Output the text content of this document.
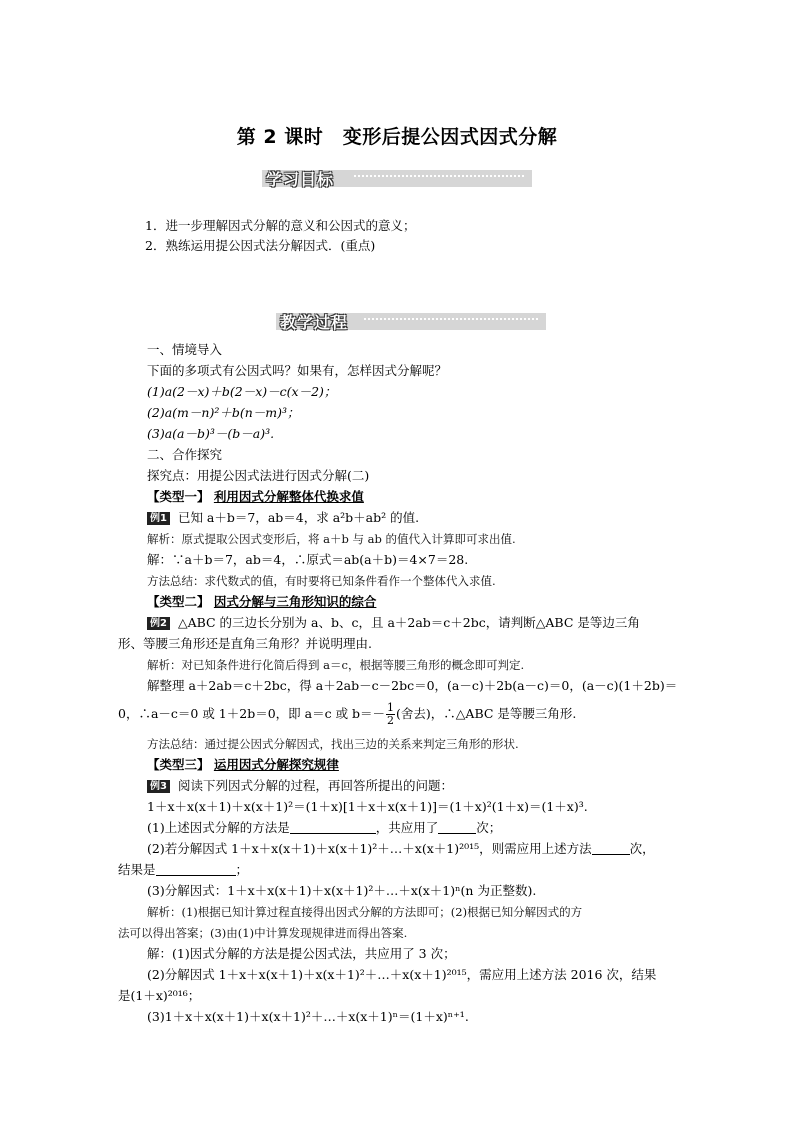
第 2 课时　变形后提公因式因式分解
学习目标
1．进一步理解因式分解的意义和公因式的意义；
2．熟练运用提公因式法分解因式．(重点)
教学过程
一、情境导入
下面的多项式有公因式吗？如果有，怎样因式分解呢？
(1)a(2－x)＋b(2－x)－c(x－2)；
(2)a(m－n)²＋b(n－m)³；
(3)a(a－b)³－(b－a)³.
二、合作探究
探究点：用提公因式法进行因式分解(二)
【类型一】 利用因式分解整体代换求值
例1 已知 a＋b＝7，ab＝4，求 a²b＋ab² 的值.
解析：原式提取公因式变形后，将 a＋b 与 ab 的值代入计算即可求出值.
解：∵a＋b＝7，ab＝4，∴原式＝ab(a＋b)＝4×7＝28.
方法总结：求代数式的值，有时要将已知条件看作一个整体代入求值.
【类型二】 因式分解与三角形知识的综合
例2 △ABC 的三边长分别为 a、b、c，且 a＋2ab＝c＋2bc，请判断△ABC 是等边三角
形、等腰三角形还是直角三角形？并说明理由.
解析：对已知条件进行化简后得到 a＝c，根据等腰三角形的概念即可判定.
解整理 a＋2ab＝c＋2bc，得 a＋2ab－c－2bc＝0，(a－c)＋2b(a－c)＝0，(a－c)(1＋2b)＝
0，∴a－c＝0 或 1＋2b＝0，即 a＝c 或 $b=- \frac{1}{2}$ (舍去)，∴△ABC 是等腰三角形.
方法总结：通过提公因式分解因式，找出三边的关系来判定三角形的形状.
【类型三】 运用因式分解探究规律
例3 阅读下列因式分解的过程，再回答所提出的问题：
1＋x＋x(x＋1)＋x(x＋1)²＝(1＋x)[1＋x＋x(x＋1)]＝(1＋x)²(1＋x)＝(1＋x)³.
(1)上述因式分解的方法是	，共应用了	次；
(2)若分解因式 1＋x＋x(x＋1)＋x(x＋1)²＋…＋x(x＋1)²⁰¹⁵，则需应用上述方法	次，
结果是	；
(3)分解因式：1＋x＋x(x＋1)＋x(x＋1)²＋…＋x(x＋1)ⁿ(n 为正整数).
解析：(1)根据已知计算过程直接得出因式分解的方法即可；(2)根据已知分解因式的方
法可以得出答案；(3)由(1)中计算发现规律进而得出答案.
解：(1)因式分解的方法是提公因式法，共应用了 3 次；
(2)分解因式 1＋x＋x(x＋1)＋x(x＋1)²＋…＋x(x＋1)²⁰¹⁵，需应用上述方法 2016 次，结果
是(1＋x)²⁰¹⁶；
(3)1＋x＋x(x＋1)＋x(x＋1)²＋…＋x(x＋1)ⁿ＝(1＋x)ⁿ⁺¹.
